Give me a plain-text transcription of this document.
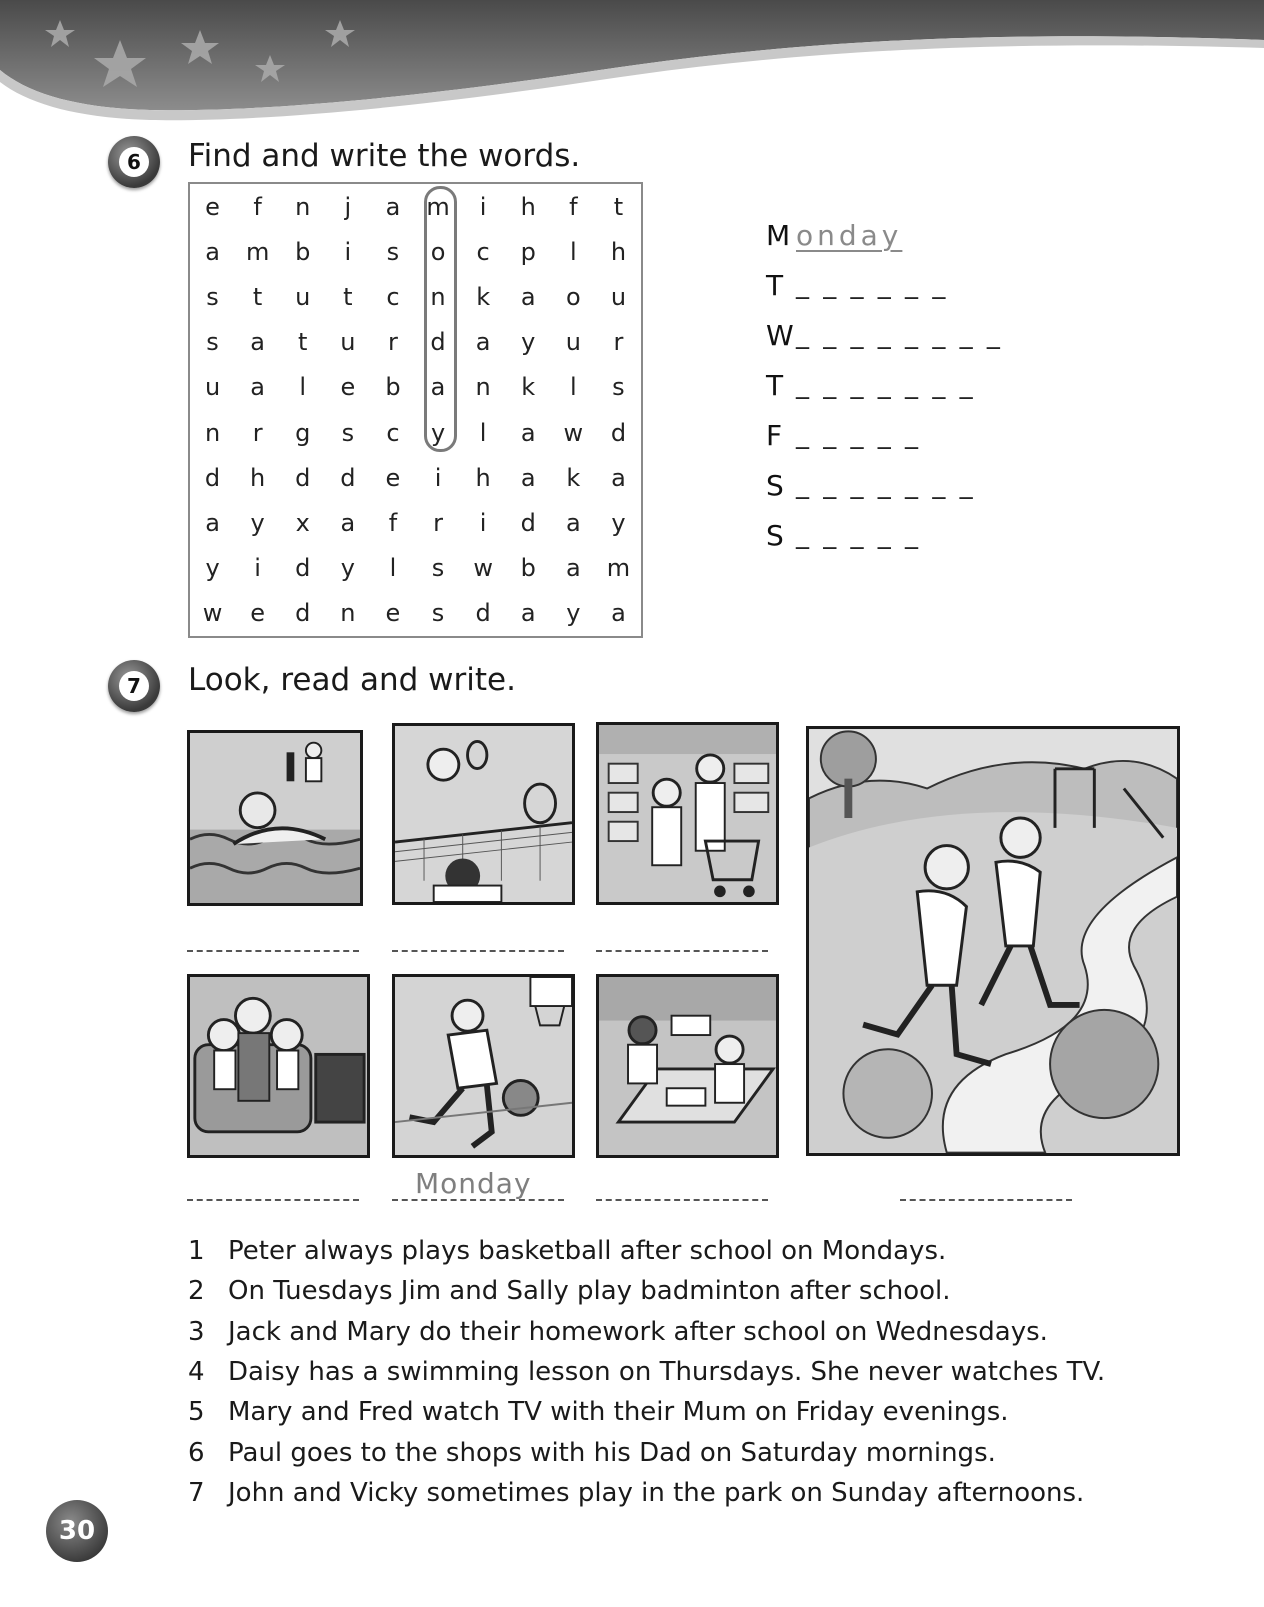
6 Find and write the words.
e	f	n	j	a	m	i	h	f	t
a	m	b	i	s	o	c	p	l	h
s	t	u	t	c	n	k	a	o	u
s	a	t	u	r	d	a	y	u	r
u	a	l	e	b	a	n	k	l	s
n	r	g	s	c	y	l	a	w	d
d	h	d	d	e	i	h	a	k	a
a	y	x	a	f	r	i	d	a	y
y	i	d	y	l	s	w	b	a	m
w	e	d	n	e	s	d	a	y	a
M onday
T _ _ _ _ _ _
W _ _ _ _ _ _ _ _
T _ _ _ _ _ _ _
F _ _ _ _ _
S _ _ _ _ _ _ _
S _ _ _ _ _
7 Look, read and write.
Monday
1 Peter always plays basketball after school on Mondays.
2 On Tuesdays Jim and Sally play badminton after school.
3 Jack and Mary do their homework after school on Wednesdays.
4 Daisy has a swimming lesson on Thursdays. She never watches TV.
5 Mary and Fred watch TV with their Mum on Friday evenings.
6 Paul goes to the shops with his Dad on Saturday mornings.
7 John and Vicky sometimes play in the park on Sunday afternoons.
30
